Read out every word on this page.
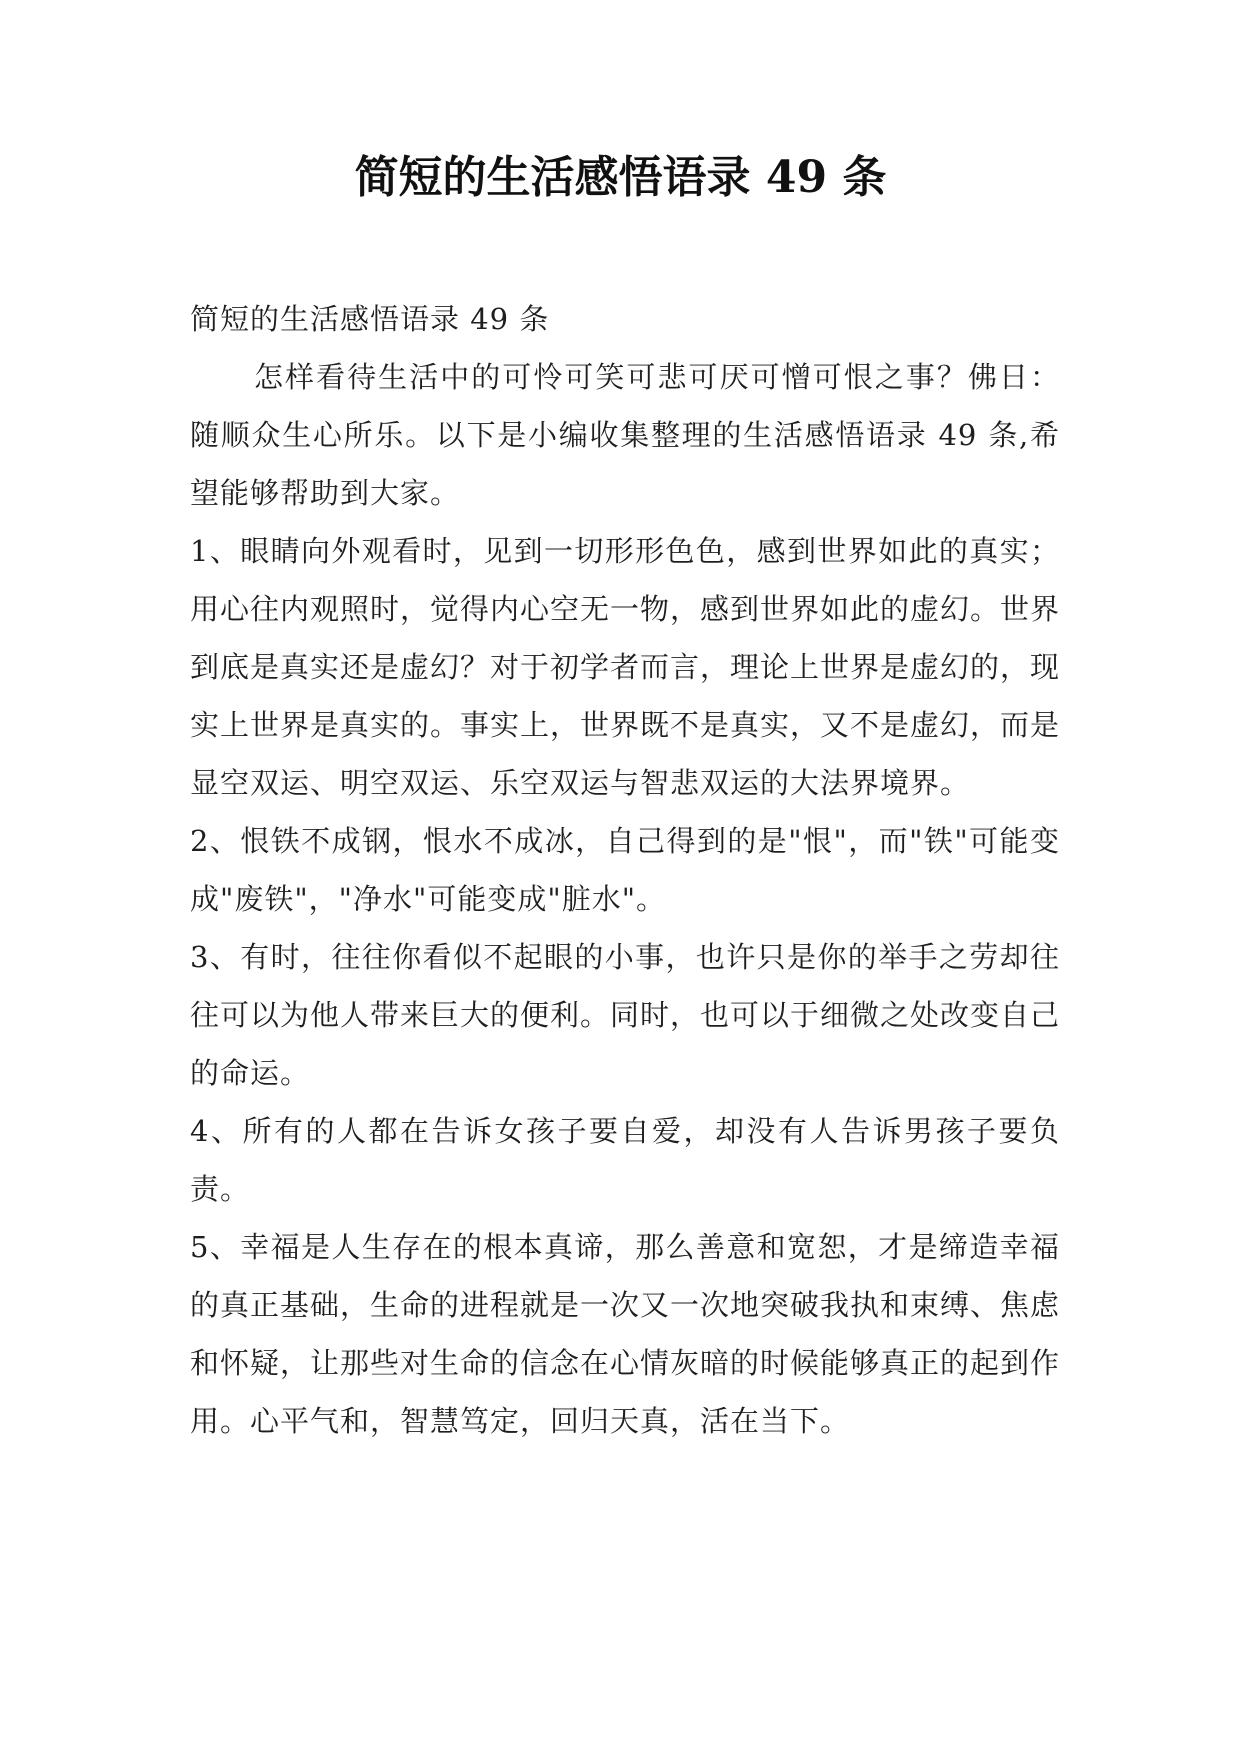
简短的生活感悟语录 49 条

简短的生活感悟语录 49 条

怎样看待生活中的可怜可笑可悲可厌可憎可恨之事？佛日：随顺众生心所乐。以下是小编收集整理的生活感悟语录 49 条,希望能够帮助到大家。

1、眼睛向外观看时，见到一切形形色色，感到世界如此的真实；用心往内观照时，觉得内心空无一物，感到世界如此的虚幻。世界到底是真实还是虚幻？对于初学者而言，理论上世界是虚幻的，现实上世界是真实的。事实上，世界既不是真实，又不是虚幻，而是显空双运、明空双运、乐空双运与智悲双运的大法界境界。

2、恨铁不成钢，恨水不成冰，自己得到的是"恨"，而"铁"可能变成"废铁"，"净水"可能变成"脏水"。

3、有时，往往你看似不起眼的小事，也许只是你的举手之劳却往往可以为他人带来巨大的便利。同时，也可以于细微之处改变自己的命运。

4、所有的人都在告诉女孩子要自爱，却没有人告诉男孩子要负责。

5、幸福是人生存在的根本真谛，那么善意和宽恕，才是缔造幸福的真正基础，生命的进程就是一次又一次地突破我执和束缚、焦虑和怀疑，让那些对生命的信念在心情灰暗的时候能够真正的起到作用。心平气和，智慧笃定，回归天真，活在当下。
